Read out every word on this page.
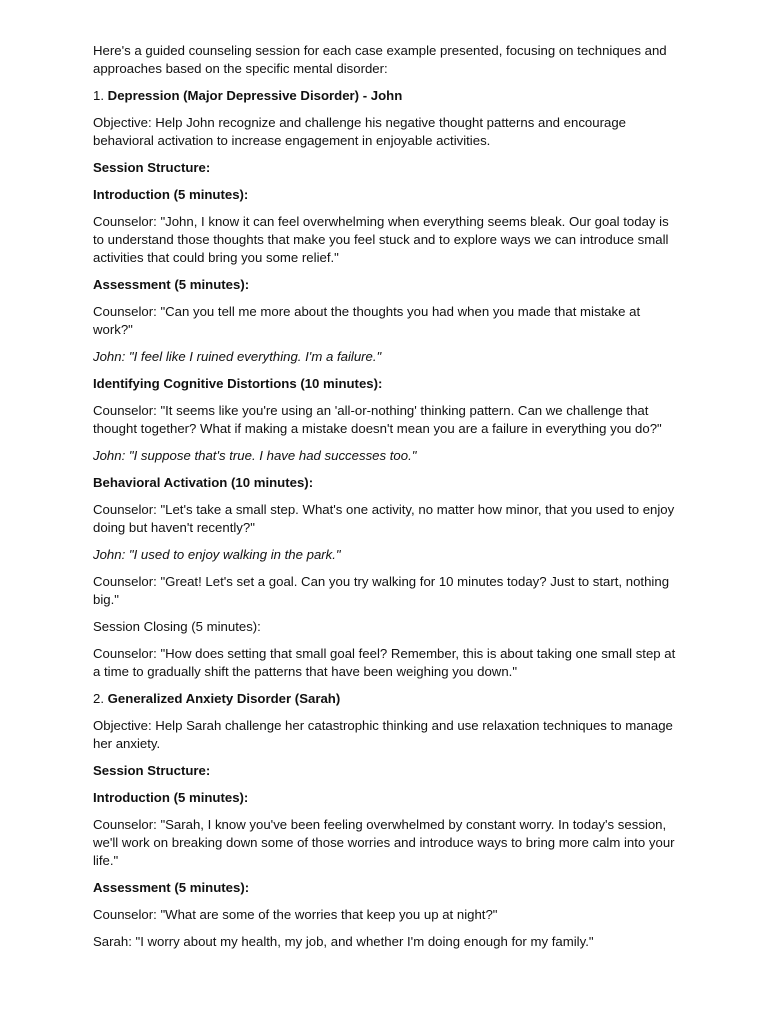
Here's a guided counseling session for each case example presented, focusing on techniques and approaches based on the specific mental disorder:

1. Depression (Major Depressive Disorder) - John

Objective: Help John recognize and challenge his negative thought patterns and encourage behavioral activation to increase engagement in enjoyable activities.

Session Structure:

Introduction (5 minutes):

Counselor: "John, I know it can feel overwhelming when everything seems bleak. Our goal today is to understand those thoughts that make you feel stuck and to explore ways we can introduce small activities that could bring you some relief."

Assessment (5 minutes):

Counselor: "Can you tell me more about the thoughts you had when you made that mistake at work?"

John: "I feel like I ruined everything. I'm a failure."

Identifying Cognitive Distortions (10 minutes):

Counselor: "It seems like you're using an 'all-or-nothing' thinking pattern. Can we challenge that thought together? What if making a mistake doesn't mean you are a failure in everything you do?"

John: "I suppose that's true. I have had successes too."

Behavioral Activation (10 minutes):

Counselor: "Let's take a small step. What's one activity, no matter how minor, that you used to enjoy doing but haven't recently?"

John: "I used to enjoy walking in the park."

Counselor: "Great! Let's set a goal. Can you try walking for 10 minutes today? Just to start, nothing big."

Session Closing (5 minutes):

Counselor: "How does setting that small goal feel? Remember, this is about taking one small step at a time to gradually shift the patterns that have been weighing you down."

2. Generalized Anxiety Disorder (Sarah)

Objective: Help Sarah challenge her catastrophic thinking and use relaxation techniques to manage her anxiety.

Session Structure:

Introduction (5 minutes):

Counselor: "Sarah, I know you've been feeling overwhelmed by constant worry. In today's session, we'll work on breaking down some of those worries and introduce ways to bring more calm into your life."

Assessment (5 minutes):

Counselor: "What are some of the worries that keep you up at night?"

Sarah: "I worry about my health, my job, and whether I'm doing enough for my family."
